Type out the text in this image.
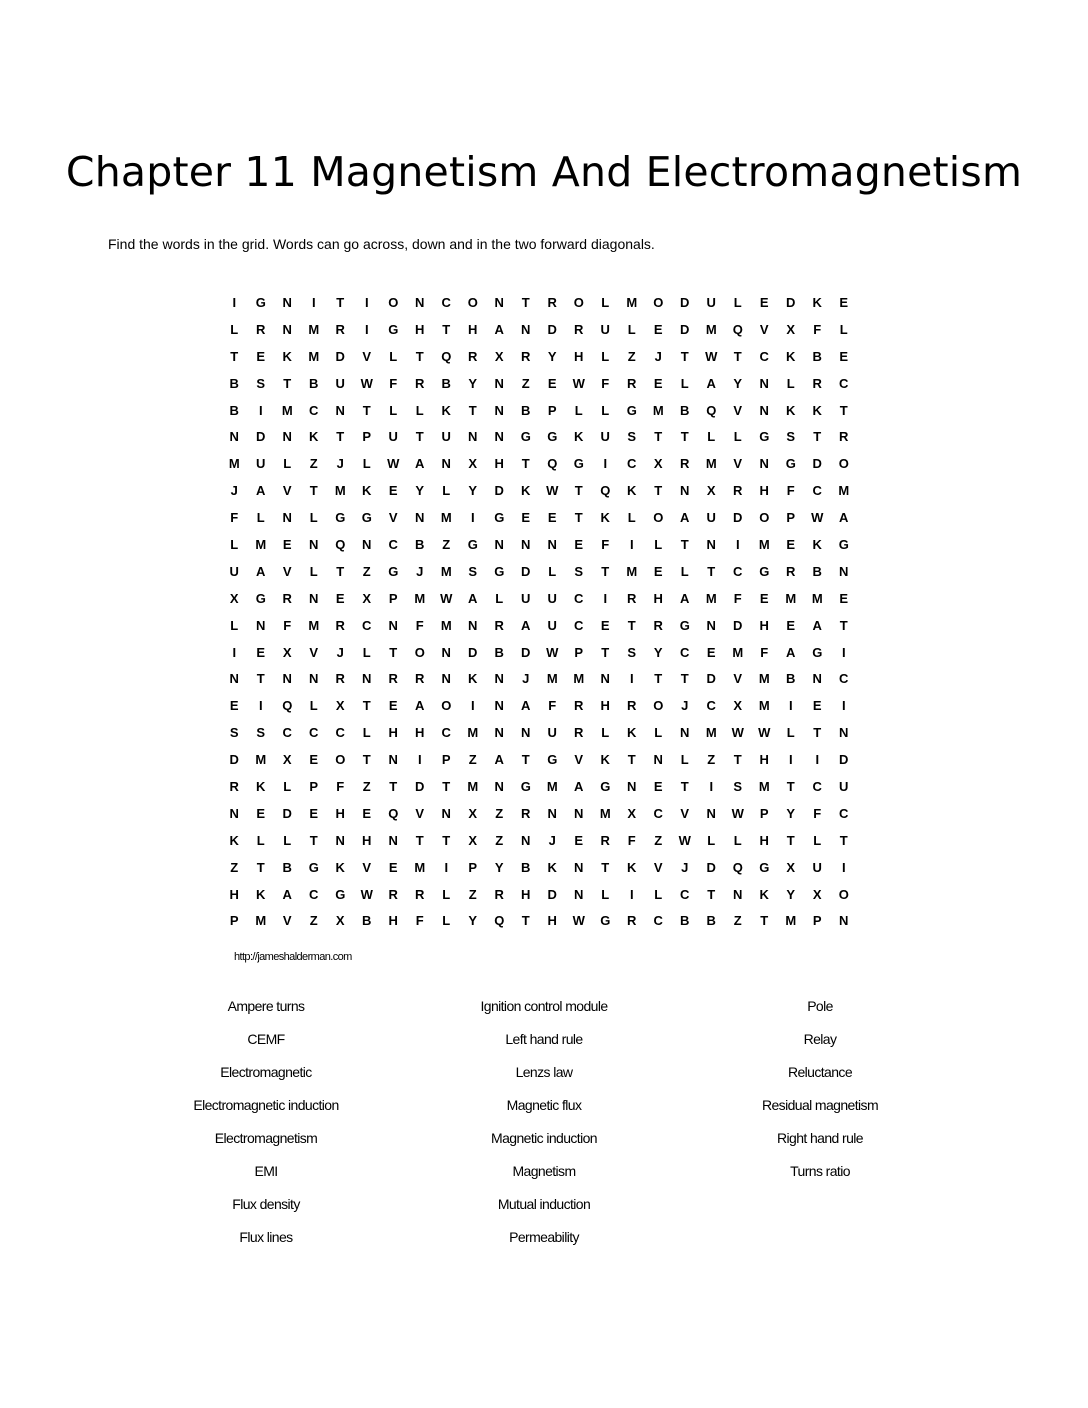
Chapter 11 Magnetism And Electromagnetism

Find the words in the grid. Words can go across, down and in the two forward diagonals.

I	G	N	I	T	I	O	N	C	O	N	T	R	O	L	M	O	D	U	L	E	D	K	E
L	R	N	M	R	I	G	H	T	H	A	N	D	R	U	L	E	D	M	Q	V	X	F	L
T	E	K	M	D	V	L	T	Q	R	X	R	Y	H	L	Z	J	T	W	T	C	K	B	E
B	S	T	B	U	W	F	R	B	Y	N	Z	E	W	F	R	E	L	A	Y	N	L	R	C
B	I	M	C	N	T	L	L	K	T	N	B	P	L	L	G	M	B	Q	V	N	K	K	T
N	D	N	K	T	P	U	T	U	N	N	G	G	K	U	S	T	T	L	L	G	S	T	R
M	U	L	Z	J	L	W	A	N	X	H	T	Q	G	I	C	X	R	M	V	N	G	D	O
J	A	V	T	M	K	E	Y	L	Y	D	K	W	T	Q	K	T	N	X	R	H	F	C	M
F	L	N	L	G	G	V	N	M	I	G	E	E	T	K	L	O	A	U	D	O	P	W	A
L	M	E	N	Q	N	C	B	Z	G	N	N	N	E	F	I	L	T	N	I	M	E	K	G
U	A	V	L	T	Z	G	J	M	S	G	D	L	S	T	M	E	L	T	C	G	R	B	N
X	G	R	N	E	X	P	M	W	A	L	U	U	C	I	R	H	A	M	F	E	M	M	E
L	N	F	M	R	C	N	F	M	N	R	A	U	C	E	T	R	G	N	D	H	E	A	T
I	E	X	V	J	L	T	O	N	D	B	D	W	P	T	S	Y	C	E	M	F	A	G	I
N	T	N	N	R	N	R	R	N	K	N	J	M	M	N	I	T	T	D	V	M	B	N	C
E	I	Q	L	X	T	E	A	O	I	N	A	F	R	H	R	O	J	C	X	M	I	E	I
S	S	C	C	C	L	H	H	C	M	N	N	U	R	L	K	L	N	M	W	W	L	T	N
D	M	X	E	O	T	N	I	P	Z	A	T	G	V	K	T	N	L	Z	T	H	I	I	D
R	K	L	P	F	Z	T	D	T	M	N	G	M	A	G	N	E	T	I	S	M	T	C	U
N	E	D	E	H	E	Q	V	N	X	Z	R	N	N	M	X	C	V	N	W	P	Y	F	C
K	L	L	T	N	H	N	T	T	X	Z	N	J	E	R	F	Z	W	L	L	H	T	L	T
Z	T	B	G	K	V	E	M	I	P	Y	B	K	N	T	K	V	J	D	Q	G	X	U	I
H	K	A	C	G	W	R	R	L	Z	R	H	D	N	L	I	L	C	T	N	K	Y	X	O
P	M	V	Z	X	B	H	F	L	Y	Q	T	H	W	G	R	C	B	B	Z	T	M	P	N
http://jameshalderman.com
Ampere turns
CEMF
Electromagnetic
Electromagnetic induction
Electromagnetism
EMI
Flux density
Flux lines
Ignition control module
Left hand rule
Lenzs law
Magnetic flux
Magnetic induction
Magnetism
Mutual induction
Permeability
Pole
Relay
Reluctance
Residual magnetism
Right hand rule
Turns ratio
